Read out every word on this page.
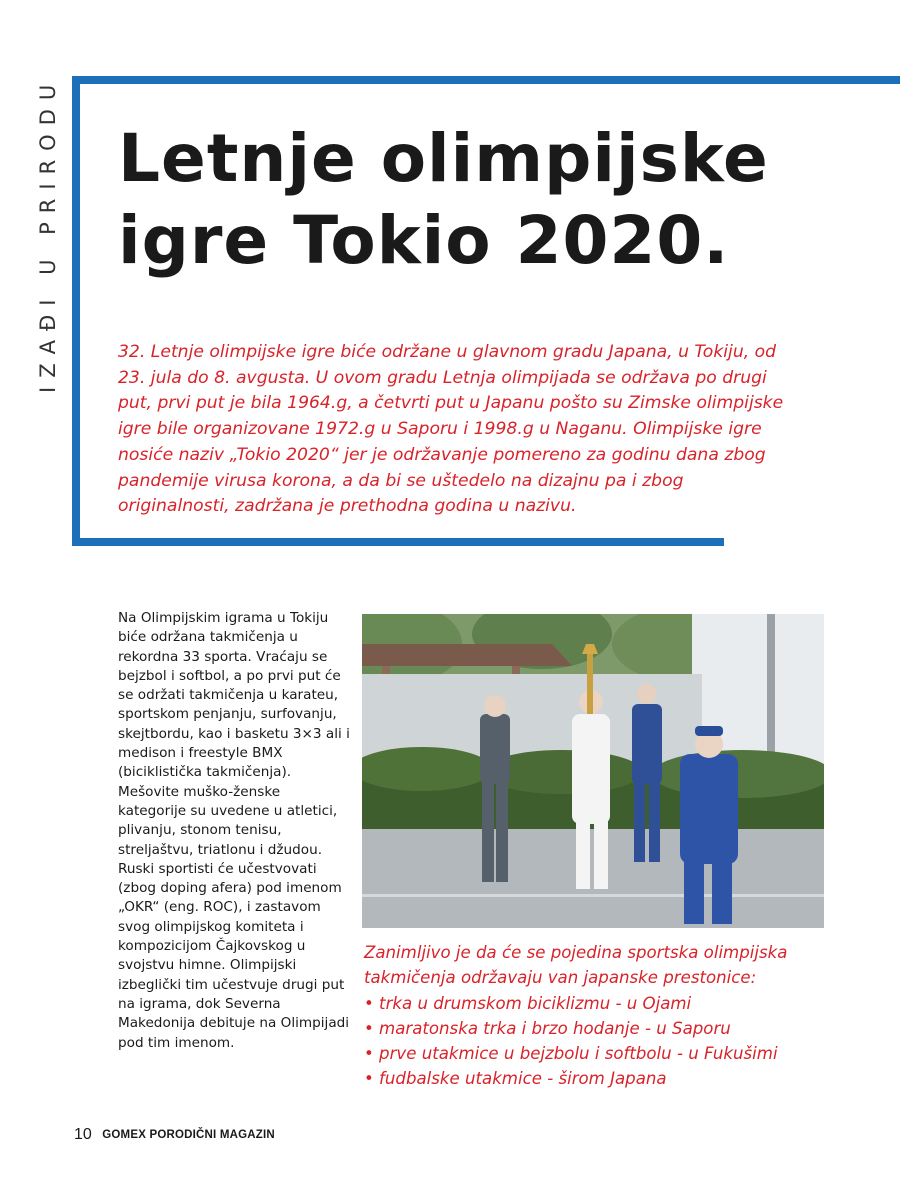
IZAĐI U PRIRODU Letnje olimpijske
igre Tokio 2020.

32. Letnje olimpijske igre biće održane u glavnom gradu Japana, u Tokiju, od 23. jula do 8. avgusta. U ovom gradu Letnja olimpijada se održava po drugi put, prvi put je bila 1964.g, a četvrti put u Japanu pošto su Zimske olimpijske igre bile organizovane 1972.g u Saporu i 1998.g u Naganu. Olimpijske igre nosiće naziv „Tokio 2020“ jer je održavanje pomereno za godinu dana zbog pandemije virusa korona, a da bi se uštedelo na dizajnu pa i zbog originalnosti, zadržana je prethodna godina u nazivu.

Na Olimpijskim igrama u Tokiju biće održana takmičenja u rekordna 33 sporta. Vraćaju se bejzbol i softbol, a po prvi put će se održati takmičenja u karateu, sportskom penjanju, surfovanju, skejtbordu, kao i basketu 3×3 ali i medison i freestyle BMX (biciklistička takmičenja). Mešovite muško-ženske kategorije su uvedene u atletici, plivanju, stonom tenisu, streljaštvu, triatlonu i džudou. Ruski sportisti će učestvovati (zbog doping afera) pod imenom „OKR“ (eng. ROC), i zastavom svog olimpijskog komiteta i kompozicijom Čajkovskog u svojstvu himne. Olimpijski izbeglički tim učestvuje drugi put na igrama, dok Severna Makedonija debituje na Olimpijadi pod tim imenom.

Zanimljivo je da će se pojedina sportska olimpijska takmičenja održavaju van japanske prestonice:

• trka u drumskom biciklizmu - u Ojami
• maratonska trka i brzo hodanje - u Saporu
• prve utakmice u bejzbolu i softbolu - u Fukušimi
• fudbalske utakmice - širom Japana
10 GOMEX PORODIČNI MAGAZIN
